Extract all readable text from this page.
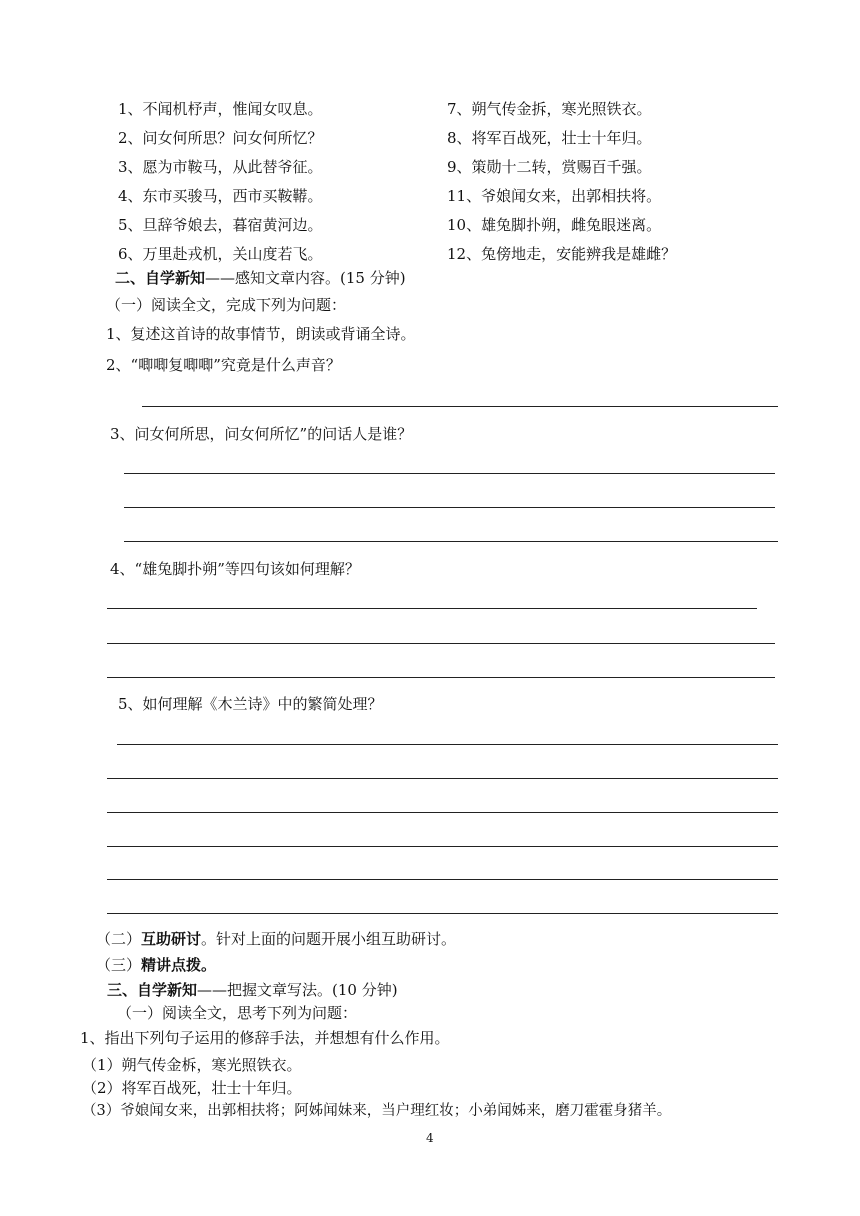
1、不闻机杼声，惟闻女叹息。
2、问女何所思？问女何所忆？
3、愿为市鞍马，从此替爷征。
4、东市买骏马，西市买鞍鞯。
5、旦辞爷娘去，暮宿黄河边。
6、万里赴戎机，关山度若飞。
7、朔气传金拆，寒光照铁衣。
8、将军百战死，壮士十年归。
9、策勋十二转，赏赐百千强。
11、爷娘闻女来，出郭相扶将。
10、雄兔脚扑朔，雌兔眼迷离。
12、兔傍地走，安能辨我是雄雌？
二、自学新知——感知文章内容。(15 分钟)
（一）阅读全文，完成下列为问题：
1、复述这首诗的故事情节，朗读或背诵全诗。
2、“唧唧复唧唧”究竟是什么声音？
3、问女何所思，问女何所忆”的问话人是谁？
4、“雄兔脚扑朔”等四句该如何理解？
5、如何理解《木兰诗》中的繁简处理？
（二）互助研讨。针对上面的问题开展小组互助研讨。
（三）精讲点拨。
三、自学新知——把握文章写法。(10 分钟)
（一）阅读全文，思考下列为问题：
1、指出下列句子运用的修辞手法，并想想有什么作用。
（1）朔气传金柝，寒光照铁衣。
（2）将军百战死，壮士十年归。
（3）爷娘闻女来，出郭相扶将；阿姊闻妹来，当户理红妆；小弟闻姊来，磨刀霍霍身猪羊。
4
